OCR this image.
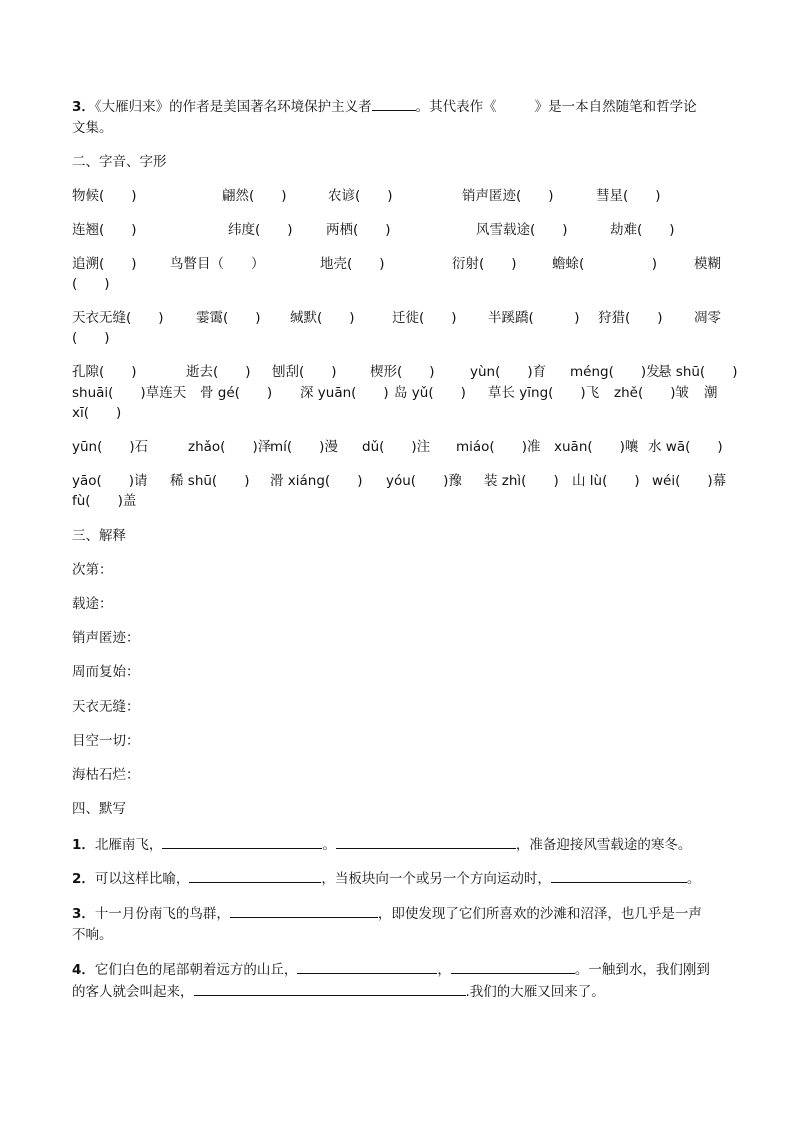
3．《大雁归来》的作者是美国著名环境保护主义者	。其代表作《	》是一本自然随笔和哲学论
文集。
二、字音、字形
物候(　　)	翩然(　　)	农谚(　　)	销声匿迹(　　)	彗星(　　)
连翘(　　)	纬度(　　) 两栖(　　)	风雪载途(　　)	劫难(　　)
追溯(　　) 鸟瞥目（　　）	地壳(　　)	衍射(　　)	蟾蜍(　　　　　)	模糊
(　　)
天衣无缝(　　) 霎霭(　　) 缄默(　　)	迁徙(　　) 半蹊蹻(　　　) 狩猎(　　) 凋零
(　　)
孔隙(　　)	逝去(　　) 刨刮(　　) 楔形(　　)	yùn(　　)育 méng(　　)发
悬 shū(　　)
shuāi(　　)草连天 骨 gé(　　) 深 yuān(　　) 岛 yǔ(　　) 草长 yīng(　　)飞 zhě(　　)皱 潮
xī(　　)
yūn(　　)石	zhǎo(　　)泽
mí(　　)漫 dǔ(　　)注 miáo(　　)准 xuān(　　)嚷 水 wā(　　)
yāo(　　)请 稀 shū(　　) 滑 xiáng(　　) yóu(　　)豫 装 zhì(　　) 山 lù(　　) wéi(　　)幕
fù(　　)盖
三、解释
次第：
载途：
销声匿迹：
周而复始：
天衣无缝：
目空一切：
海枯石烂：
四、默写
1．北雁南飞，	。	，准备迎接风雪载途的寒冬。
2．可以这样比喻，	，当板块向一个或另一个方向运动时，	。
3．十一月份南飞的鸟群，	，即使发现了它们所喜欢的沙滩和沼泽，也几乎是一声
不响。
4．它们白色的尾部朝着远方的山丘，	，	。一触到水，我们刚到
的客人就会叫起来，	.我们的大雁又回来了。
